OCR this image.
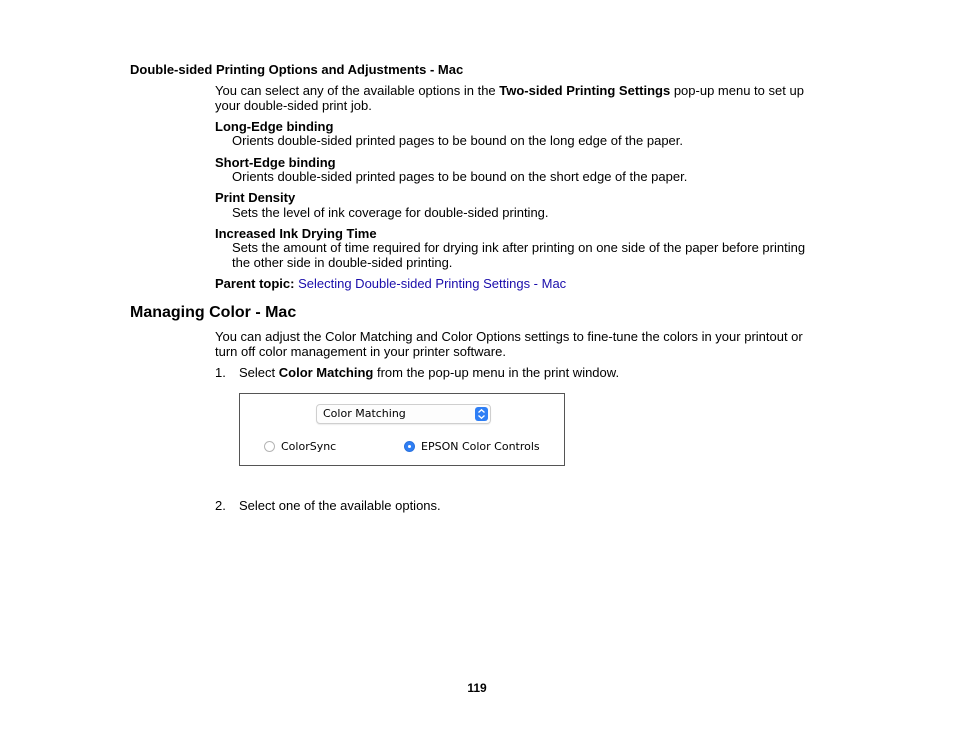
Double-sided Printing Options and Adjustments - Mac
You can select any of the available options in the Two-sided Printing Settings pop-up menu to set up
your double-sided print job.
Long-Edge binding
Orients double-sided printed pages to be bound on the long edge of the paper.
Short-Edge binding
Orients double-sided printed pages to be bound on the short edge of the paper.
Print Density
Sets the level of ink coverage for double-sided printing.
Increased Ink Drying Time
Sets the amount of time required for drying ink after printing on one side of the paper before printing
the other side in double-sided printing.
Parent topic: Selecting Double-sided Printing Settings - Mac
Managing Color - Mac
You can adjust the Color Matching and Color Options settings to fine-tune the colors in your printout or
turn off color management in your printer software.
1. Select Color Matching from the pop-up menu in the print window.
Color Matching
ColorSync	EPSON Color Controls
2. Select one of the available options.
119
